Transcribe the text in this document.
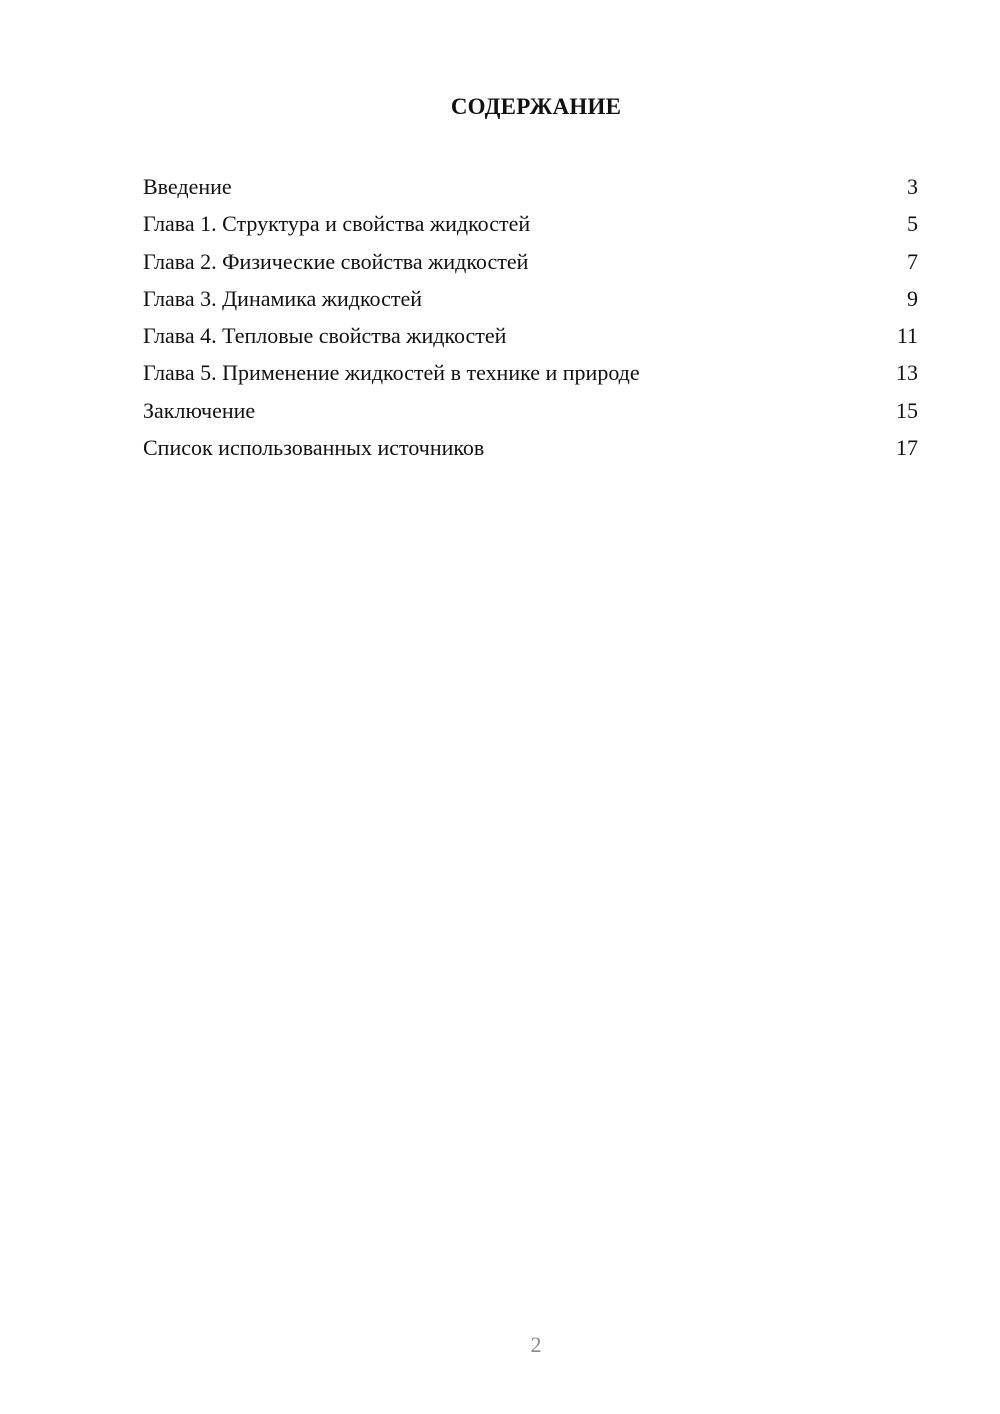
СОДЕРЖАНИЕ
Введение	3
Глава 1. Структура и свойства жидкостей	5
Глава 2. Физические свойства жидкостей	7
Глава 3. Динамика жидкостей	9
Глава 4. Тепловые свойства жидкостей	11
Глава 5. Применение жидкостей в технике и природе	13
Заключение	15
Список использованных источников	17
2
